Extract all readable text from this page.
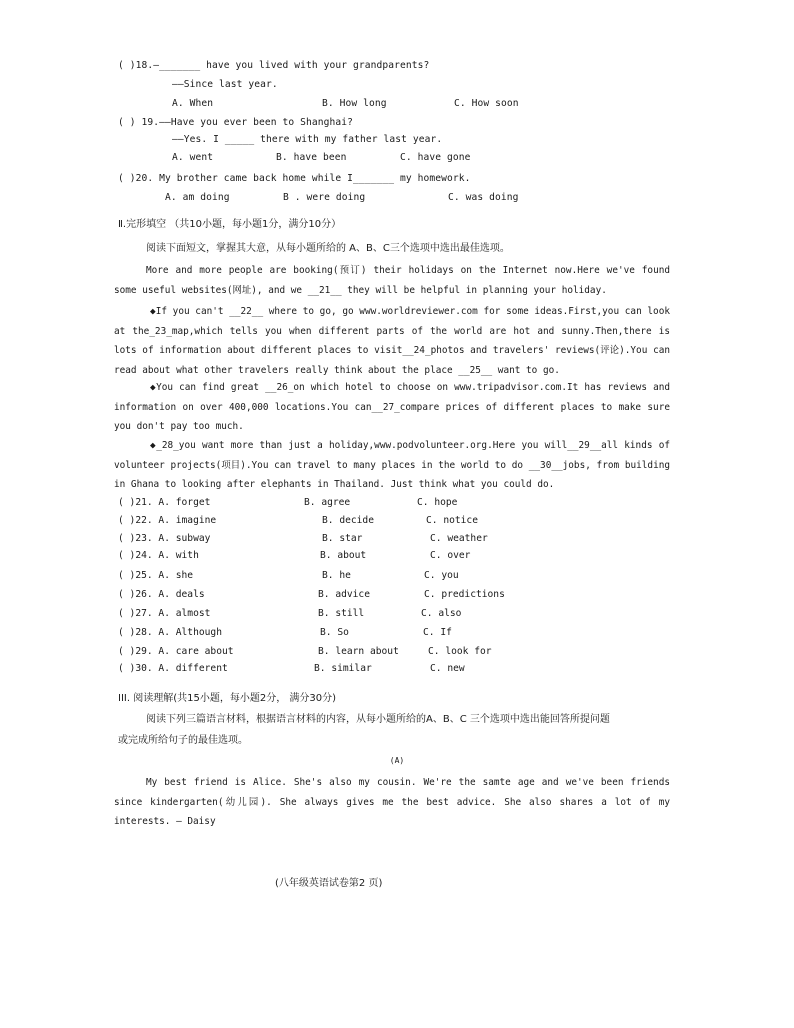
( )18.—_______ have you lived with your grandparents?
——Since last year.
A. When	B. How long	C. How soon
( ) 19.——Have you ever been to Shanghai?
——Yes. I _____ there with my father last year.
A. went	B. have been	C. have gone
( )20. My brother came back home while I_______ my homework.
A. am doing	B . were doing	C. was doing
Ⅱ.完形填空 （共10小题，每小题1分，满分10分）
阅读下面短文，掌握其大意，从每小题所给的 A、B、C三个选项中选出最佳选项。
More and more people are booking(预订) their holidays on the Internet now.Here we've found some useful websites(网址), and we __21__ they will be helpful in planning your holiday.
◆If you can't __22__ where to go, go www.worldreviewer.com for some ideas.First,you can look at the_23_map,which tells you when different parts of the world are hot and sunny.Then,there is lots of information about different places to visit__24_photos and travelers' reviews(评论).You can read about what other travelers really think about the place __25__ want to go.
◆You can find great __26_on which hotel to choose on www.tripadvisor.com.It has reviews and information on over 400,000 locations.You can__27_compare prices of different places to make sure you don't pay too much.
◆_28_you want more than just a holiday,www.podvolunteer.org.Here you will__29__all kinds of volunteer projects(项目).You can travel to many places in the world to do __30__jobs, from building in Ghana to looking after elephants in Thailand. Just think what you could do.
( )21. A. forget	B. agree	C. hope
( )22. A. imagine	B. decide	C. notice
( )23. A. subway	B. star	C. weather
( )24. A. with	B. about	C. over
( )25. A. she	B. he	C. you
( )26. A. deals	B. advice	C. predictions
( )27. A. almost	B. still	C. also
( )28. A. Although	B. So	C. If
( )29. A. care about	B. learn about	C. look for
( )30. A. different	B. similar	C. new
III. 阅读理解(共15小题，每小题2分， 满分30分)
阅读下列三篇语言材料，根据语言材料的内容，从每小题所给的A、B、C 三个选项中选出能回答所提问题
或完成所给句子的最佳选项。
(A)
My best friend is Alice. She's also my cousin. We're the samte age and we've been friends since kindergarten(幼儿园). She always gives me the best advice. She also shares a lot of my interests. – Daisy
(八年级英语试卷第2 页)
